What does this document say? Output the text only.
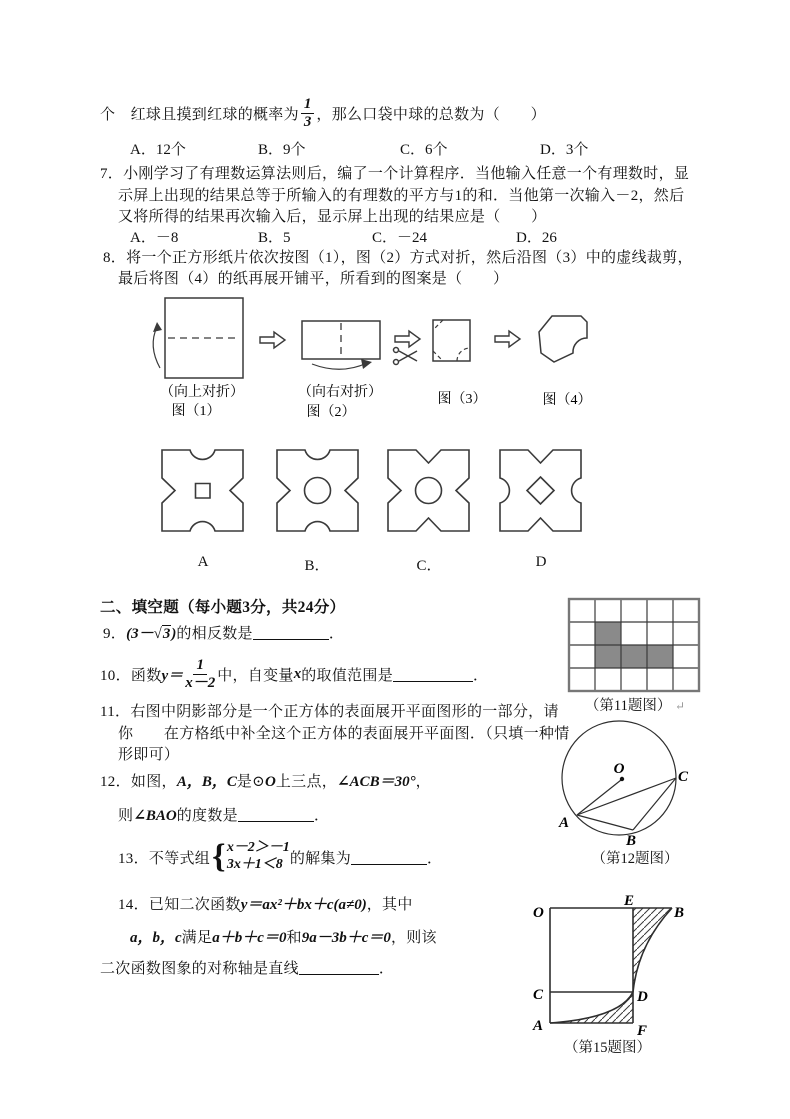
个　红球且摸到红球的概率为 $\frac{1}{3}$ ，那么口袋中球的总数为（　　）
A．12个	B．9个	C．6个	D．3个
7．小刚学习了有理数运算法则后，编了一个计算程序．当他输入任意一个有理数时，显
示屏上出现的结果总等于所输入的有理数的平方与1的和．当他第一次输入－2，然后
又将所得的结果再次输入后，显示屏上出现的结果应是（　　）
A．－8	B．5	C．－24	D．26
8．将一个正方形纸片依次按图（1），图（2）方式对折，然后沿图（3）中的虚线裁剪，
最后将图（4）的纸再展开铺平，所看到的图案是（　　）
（向上对折）
图（1）
（向右对折）
图（2）
图（3）	图（4）
A	B．	C．	D
二、填空题（每小题3分，共24分）
9．(3－√3)的相反数是	．
10． 函数 $y= \frac{1}{x-2}$ 中，自变量 x 的取值范围是	．
11．右图中阴影部分是一个正方体的表面展开平面图形的一部分，请
你　　在方格纸中补全这个正方体的表面展开平面图．（只填一种情
形即可）
12．如图，A，B，C是⊙O上三点，∠ACB＝30°，
则∠BAO的度数是	．
13．不等式组 { x－2＞－1
3x＋1＜8 的解集为	．
14．已知二次函数y＝ax²＋bx＋c(a≠0)，其中
a，b，c满足a＋b＋c＝0和9a－3b＋c＝0，则该
二次函数图象的对称轴是直线	．
（第11题图） ↵
O
A
B
C
（第12题图）
O
E
B
C	D
A	F
（第15题图）
